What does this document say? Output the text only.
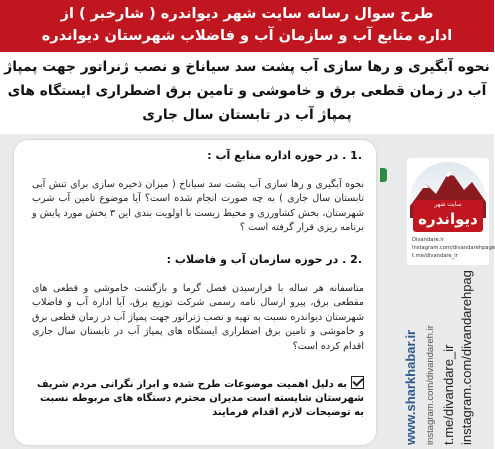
طرح سوال رسانه سایت شهر دیواندره ( شارخبر ) از
اداره منابع آب و سازمان آب و فاضلاب شهرستان دیواندره
نحوه آبگیری و رها سازی آب پشت سد سیاناخ و نصب ژنراتور جهت پمپاژ
آب در زمان قطعی برق و خاموشی و تامین برق اضطراری ایستگاه های
پمپاژ آب در تابستان سال جاری
سایت شهر
دیواندره
Divandare.ir
Instagram.com/divandarehpage
t.me/divandare_ir
www.sharkhabar.ir instagram.com/divandareh.ir t.me/divandare_ir instagram.com/divandarehpag
.1 . در حوزه اداره منابع آب :
نحوه آبگیری و رها سازی آب پشت سد سیاناخ ( میزان ذخیره سازی برای تنش آبی تابستان سال جاری ) به چه صورت انجام شده است؟ آیا موضوع تامین آب شرب شهرستان، بخش کشاورزی و محیط زیست با اولویت بندی این ۳ بخش مورد پایش و برنامه ریزی قرار گرفته است ؟
.2 . در حوزه سازمان آب و فاضلاب :
متاسفانه هر ساله با فرارسیدن فصل گرما و بازگشت خاموشی و قطعی های مقطعی برق، پیرو ارسال نامه رسمی شرکت توزیع برق، آیا اداره آب و فاضلاب شهرستان دیواندره نسبت به تهیه و نصب ژنراتور جهت پمپاژ آب در زمان قطعی برق و خاموشی و تامین برق اضطراری ایستگاه های پمپاژ آب در تابستان سال جاری اقدام کرده است؟
به دلیل اهمیت موضوعات طرح شده و ابراز نگرانی مردم شریف شهرستان شایسته است مدیران محترم دستگاه های مربوطه نسبت به توضیحات لازم اقدام فرمایند
